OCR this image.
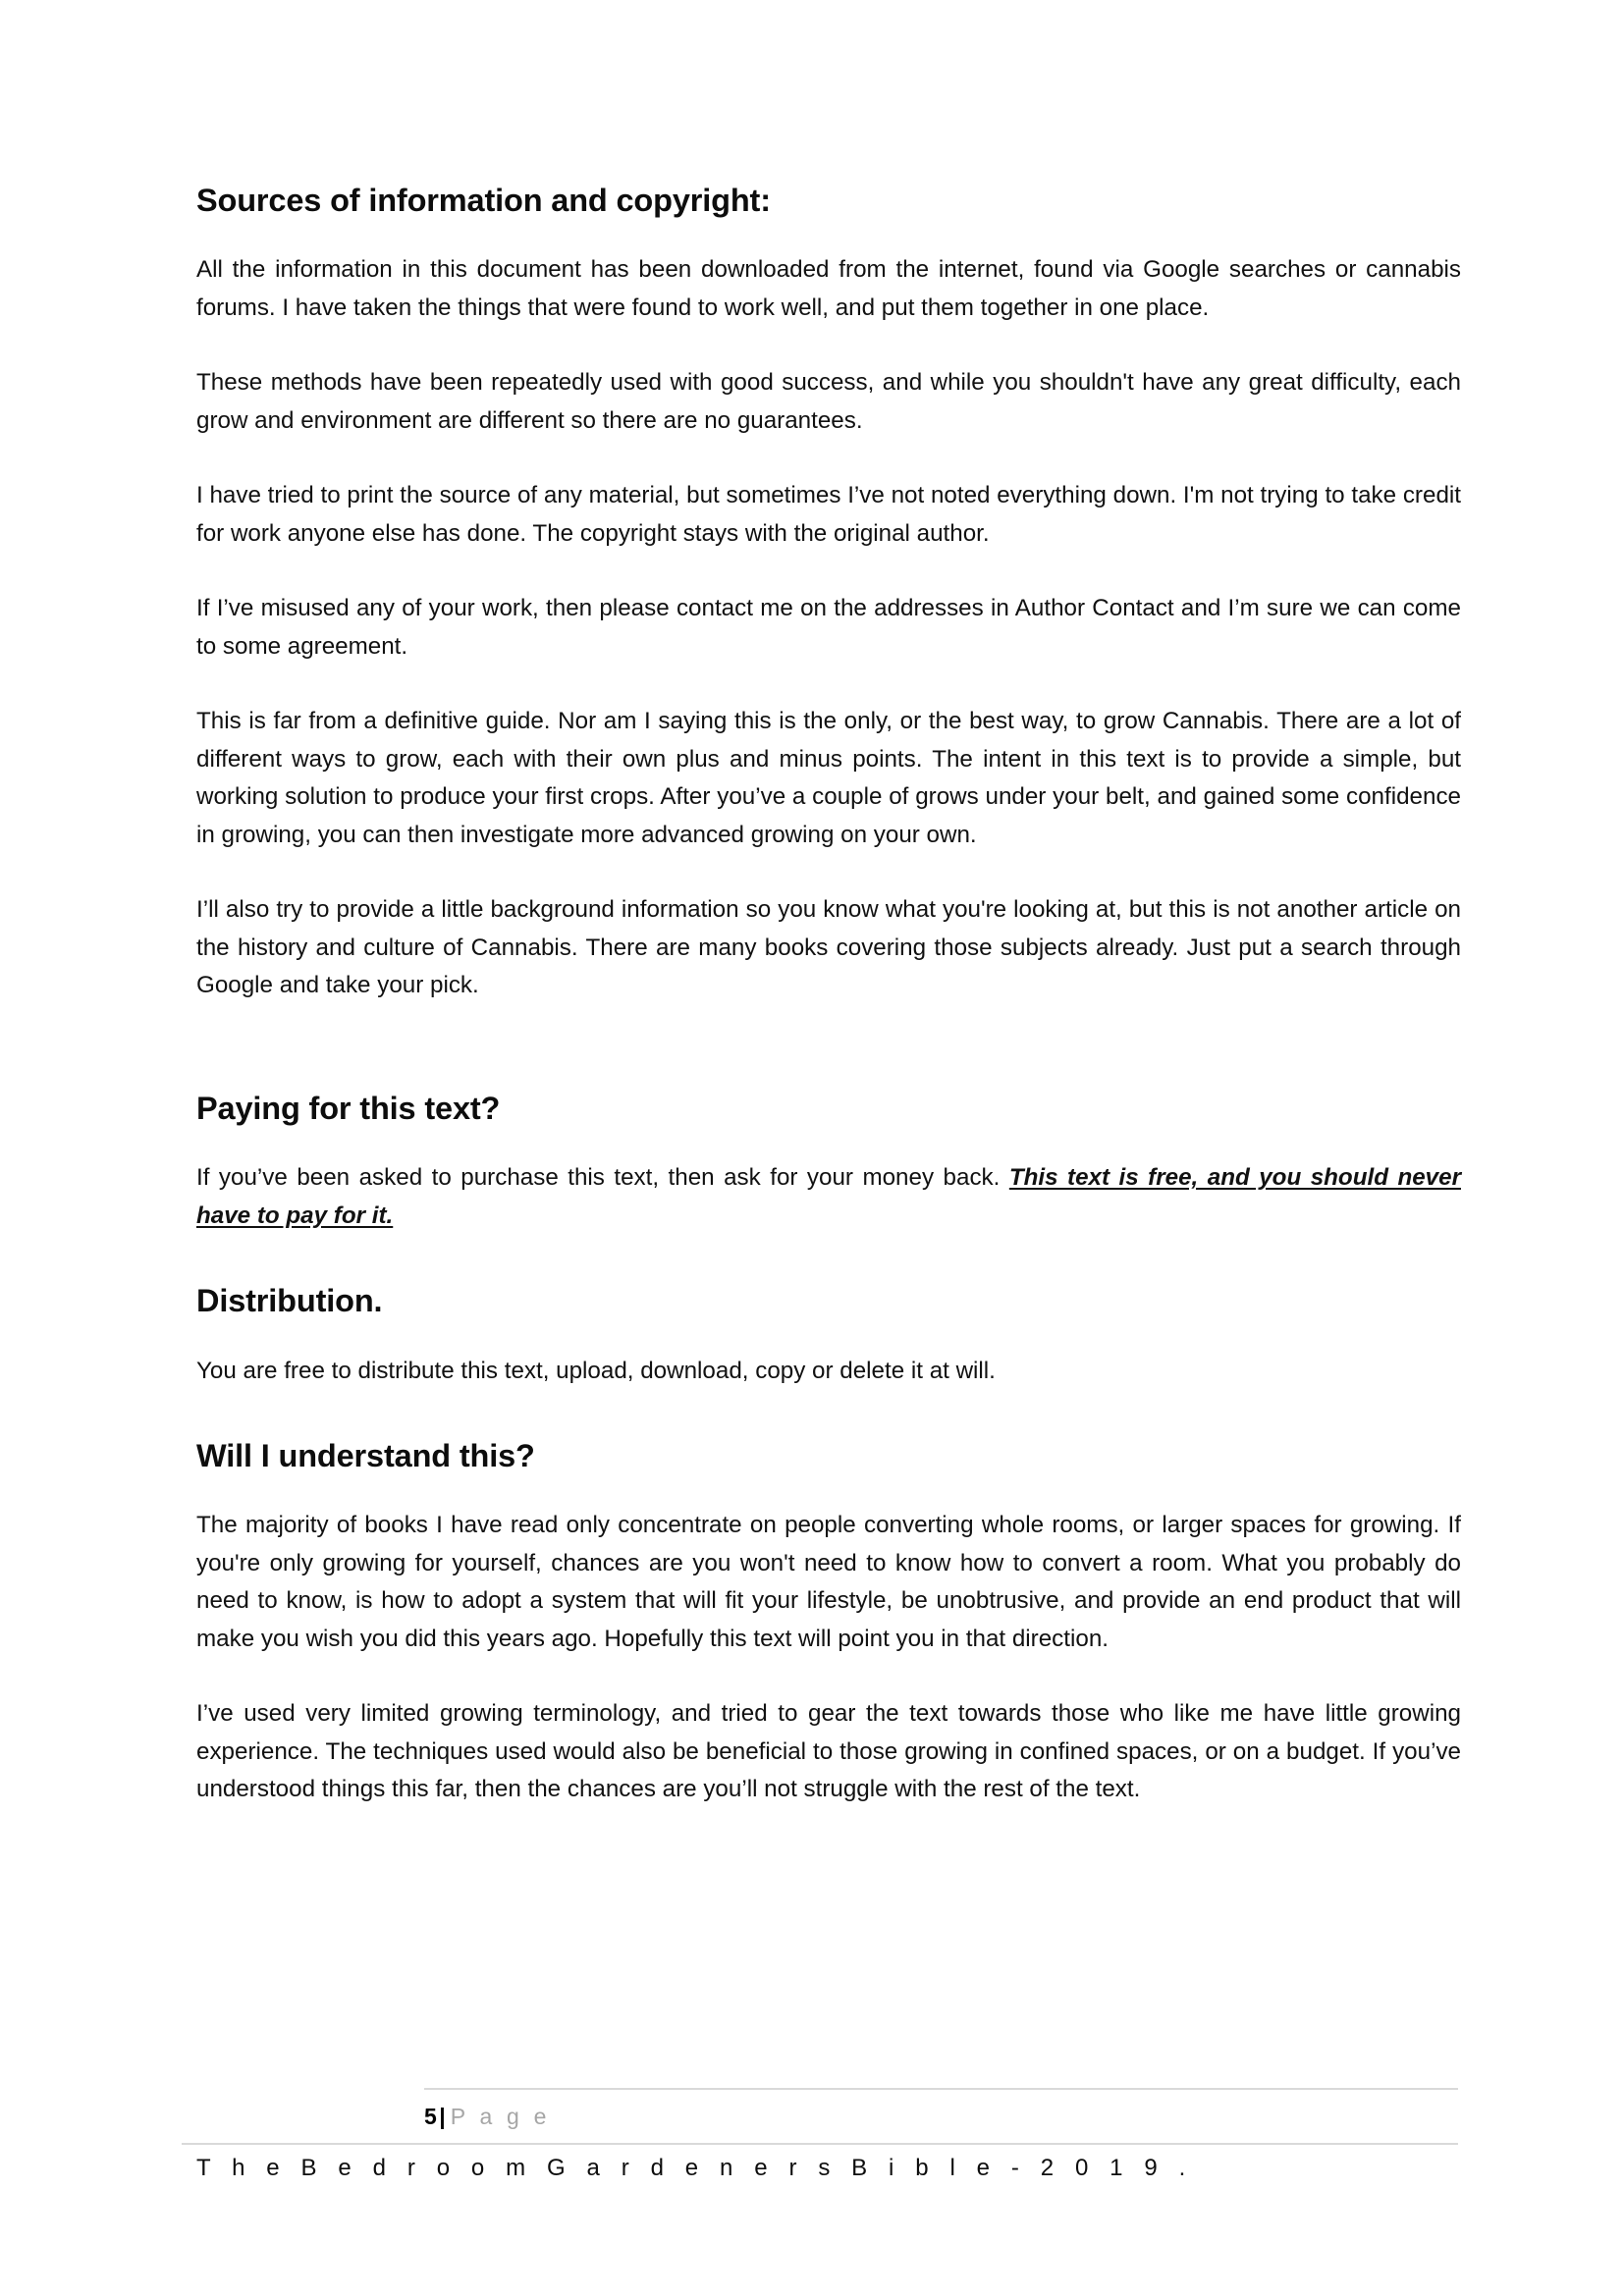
Sources of information and copyright:

All the information in this document has been downloaded from the internet, found via Google searches or cannabis forums. I have taken the things that were found to work well, and put them together in one place.

These methods have been repeatedly used with good success, and while you shouldn't have any great difficulty, each grow and environment are different so there are no guarantees.

I have tried to print the source of any material, but sometimes I’ve not noted everything down. I'm not trying to take credit for work anyone else has done. The copyright stays with the original author.

If I’ve misused any of your work, then please contact me on the addresses in Author Contact and I’m sure we can come to some agreement.

This is far from a definitive guide. Nor am I saying this is the only, or the best way, to grow Cannabis. There are a lot of different ways to grow, each with their own plus and minus points. The intent in this text is to provide a simple, but working solution to produce your first crops. After you’ve a couple of grows under your belt, and gained some confidence in growing, you can then investigate more advanced growing on your own.

I’ll also try to provide a little background information so you know what you're looking at, but this is not another article on the history and culture of Cannabis. There are many books covering those subjects already. Just put a search through Google and take your pick.

Paying for this text?

If you’ve been asked to purchase this text, then ask for your money back. This text is free, and you should never have to pay for it.

Distribution.

You are free to distribute this text, upload, download, copy or delete it at will.

Will I understand this?

The majority of books I have read only concentrate on people converting whole rooms, or larger spaces for growing. If you're only growing for yourself, chances are you won't need to know how to convert a room. What you probably do need to know, is how to adopt a system that will fit your lifestyle, be unobtrusive, and provide an end product that will make you wish you did this years ago. Hopefully this text will point you in that direction.

I’ve used very limited growing terminology, and tried to gear the text towards those who like me have little growing experience. The techniques used would also be beneficial to those growing in confined spaces, or on a budget. If you’ve understood things this far, then the chances are you’ll not struggle with the rest of the text.

5| P a g e
T h e B e d r o o m G a r d e n e r s B i b l e - 2 0 1 9 .
